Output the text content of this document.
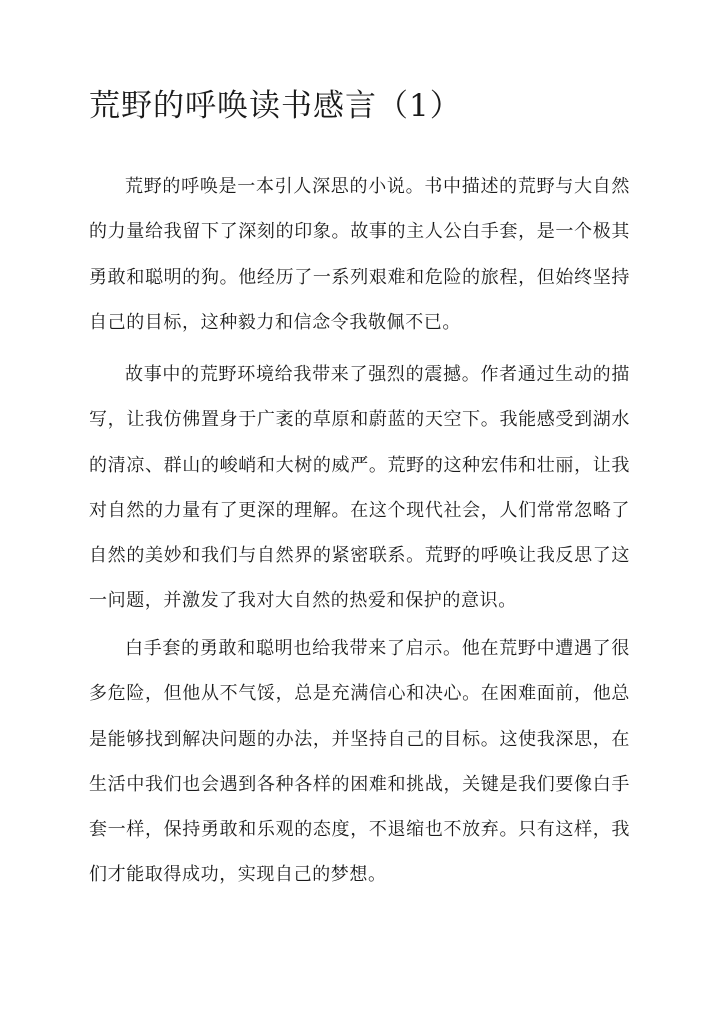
荒野的呼唤读书感言（1）

荒野的呼唤是一本引人深思的小说。书中描述的荒野与大自然的力量给我留下了深刻的印象。故事的主人公白手套，是一个极其勇敢和聪明的狗。他经历了一系列艰难和危险的旅程，但始终坚持自己的目标，这种毅力和信念令我敬佩不已。

故事中的荒野环境给我带来了强烈的震撼。作者通过生动的描写，让我仿佛置身于广袤的草原和蔚蓝的天空下。我能感受到湖水的清凉、群山的峻峭和大树的威严。荒野的这种宏伟和壮丽，让我对自然的力量有了更深的理解。在这个现代社会，人们常常忽略了自然的美妙和我们与自然界的紧密联系。荒野的呼唤让我反思了这一问题，并激发了我对大自然的热爱和保护的意识。

白手套的勇敢和聪明也给我带来了启示。他在荒野中遭遇了很多危险，但他从不气馁，总是充满信心和决心。在困难面前，他总是能够找到解决问题的办法，并坚持自己的目标。这使我深思，在生活中我们也会遇到各种各样的困难和挑战，关键是我们要像白手套一样，保持勇敢和乐观的态度，不退缩也不放弃。只有这样，我们才能取得成功，实现自己的梦想。
